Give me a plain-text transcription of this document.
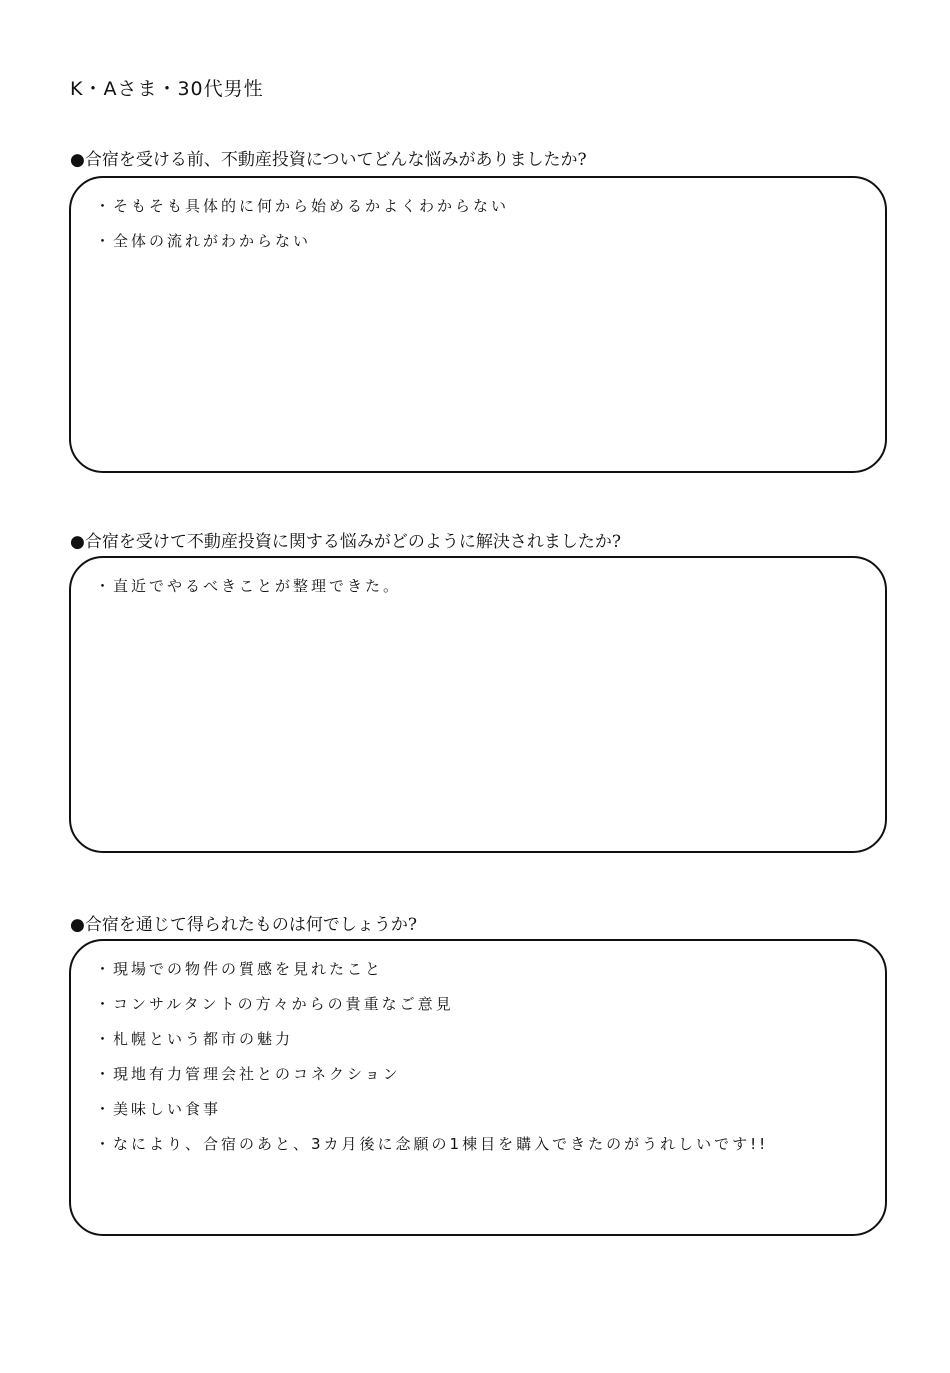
K・Aさま・30代男性
●合宿を受ける前、不動産投資についてどんな悩みがありましたか?
・そもそも具体的に何から始めるかよくわからない
・全体の流れがわからない
●合宿を受けて不動産投資に関する悩みがどのように解決されましたか?
・直近でやるべきことが整理できた。
●合宿を通じて得られたものは何でしょうか?
・現場での物件の質感を見れたこと
・コンサルタントの方々からの貴重なご意見
・札幌という都市の魅力
・現地有力管理会社とのコネクション
・美味しい食事
・なにより、合宿のあと、3カ月後に念願の1棟目を購入できたのがうれしいです!!
